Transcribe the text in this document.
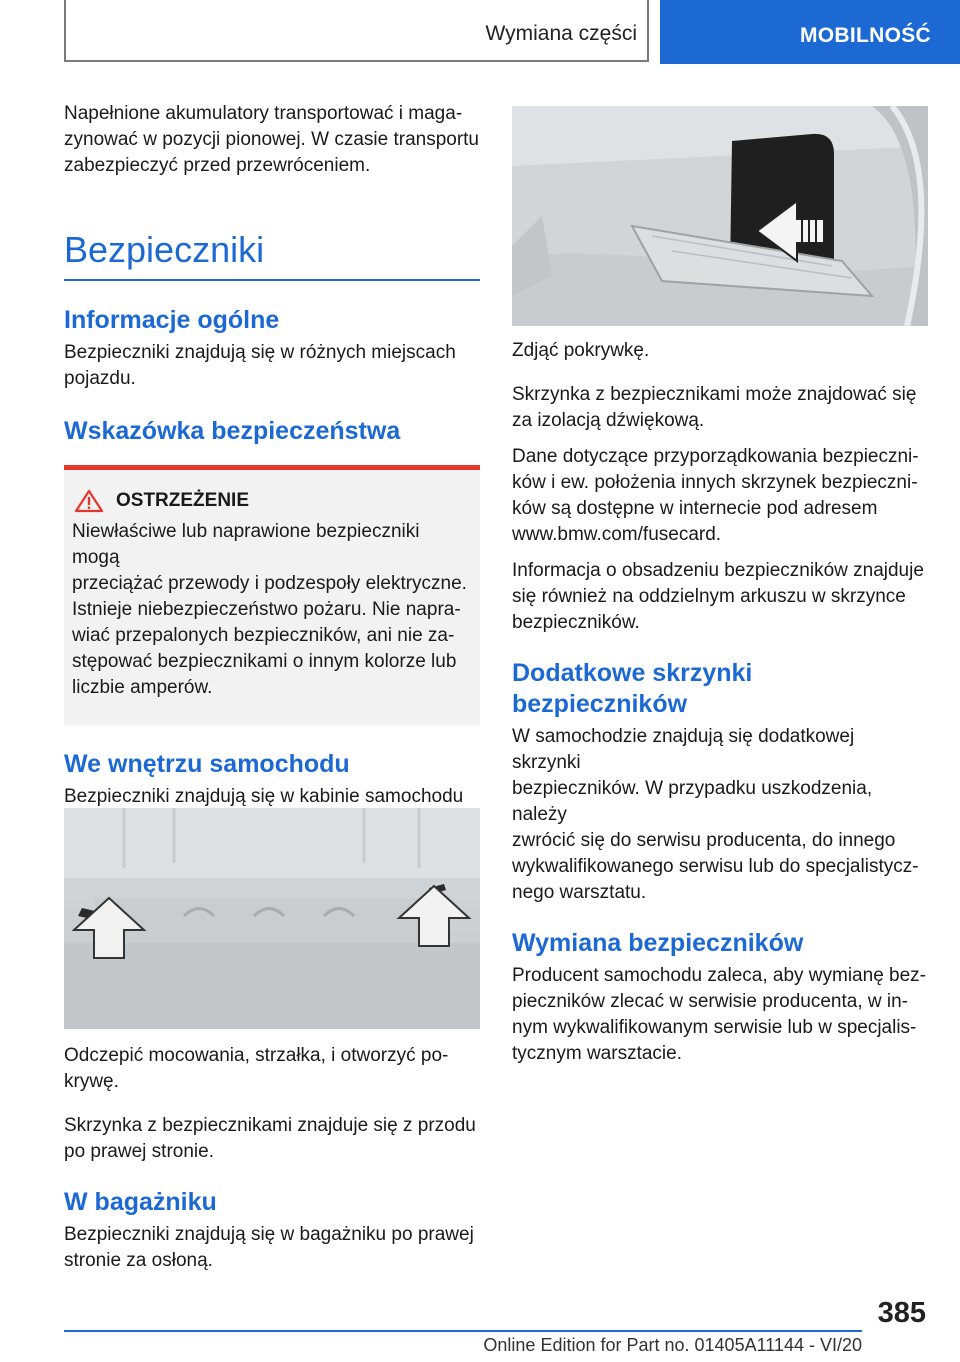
Wymiana części	MOBILNOŚĆ

Napełnione akumulatory transportować i maga-

zynować w pozycji pionowej. W czasie transportu

zabezpieczyć przed przewróceniem.

Bezpieczniki
Informacje ogólne

Bezpieczniki znajdują się w różnych miejscach

pojazdu.

Wskazówka bezpieczeństwa
OSTRZEŻENIE

Niewłaściwe lub naprawione bezpieczniki mogą

przeciążać przewody i podzespoły elektryczne.

Istnieje niebezpieczeństwo pożaru. Nie napra-

wiać przepalonych bezpieczników, ani nie za-

stępować bezpiecznikami o innym kolorze lub

liczbie amperów.

We wnętrzu samochodu

Bezpieczniki znajdują się w kabinie samochodu

Odczepić mocowania, strzałka, i otworzyć po-

krywę.

Skrzynka z bezpiecznikami znajduje się z przodu

po prawej stronie.

W bagażniku

Bezpieczniki znajdują się w bagażniku po prawej

stronie za osłoną.

Zdjąć pokrywkę.

Skrzynka z bezpiecznikami może znajdować się

za izolacją dźwiękową.

Dane dotyczące przyporządkowania bezpieczni-

ków i ew. położenia innych skrzynek bezpieczni-

ków są dostępne w internecie pod adresem

www.bmw.com/fusecard.

Informacja o obsadzeniu bezpieczników znajduje

się również na oddzielnym arkuszu w skrzynce

bezpieczników.

Dodatkowe skrzynki
bezpieczników

W samochodzie znajdują się dodatkowej skrzynki

bezpieczników. W przypadku uszkodzenia, należy

zwrócić się do serwisu producenta, do innego

wykwalifikowanego serwisu lub do specjalistycz-

nego warsztatu.

Wymiana bezpieczników

Producent samochodu zaleca, aby wymianę bez-

pieczników zlecać w serwisie producenta, w in-

nym wykwalifikowanym serwisie lub w specjalis-

tycznym warsztacie.

385
Online Edition for Part no. 01405A11144 - VI/20
